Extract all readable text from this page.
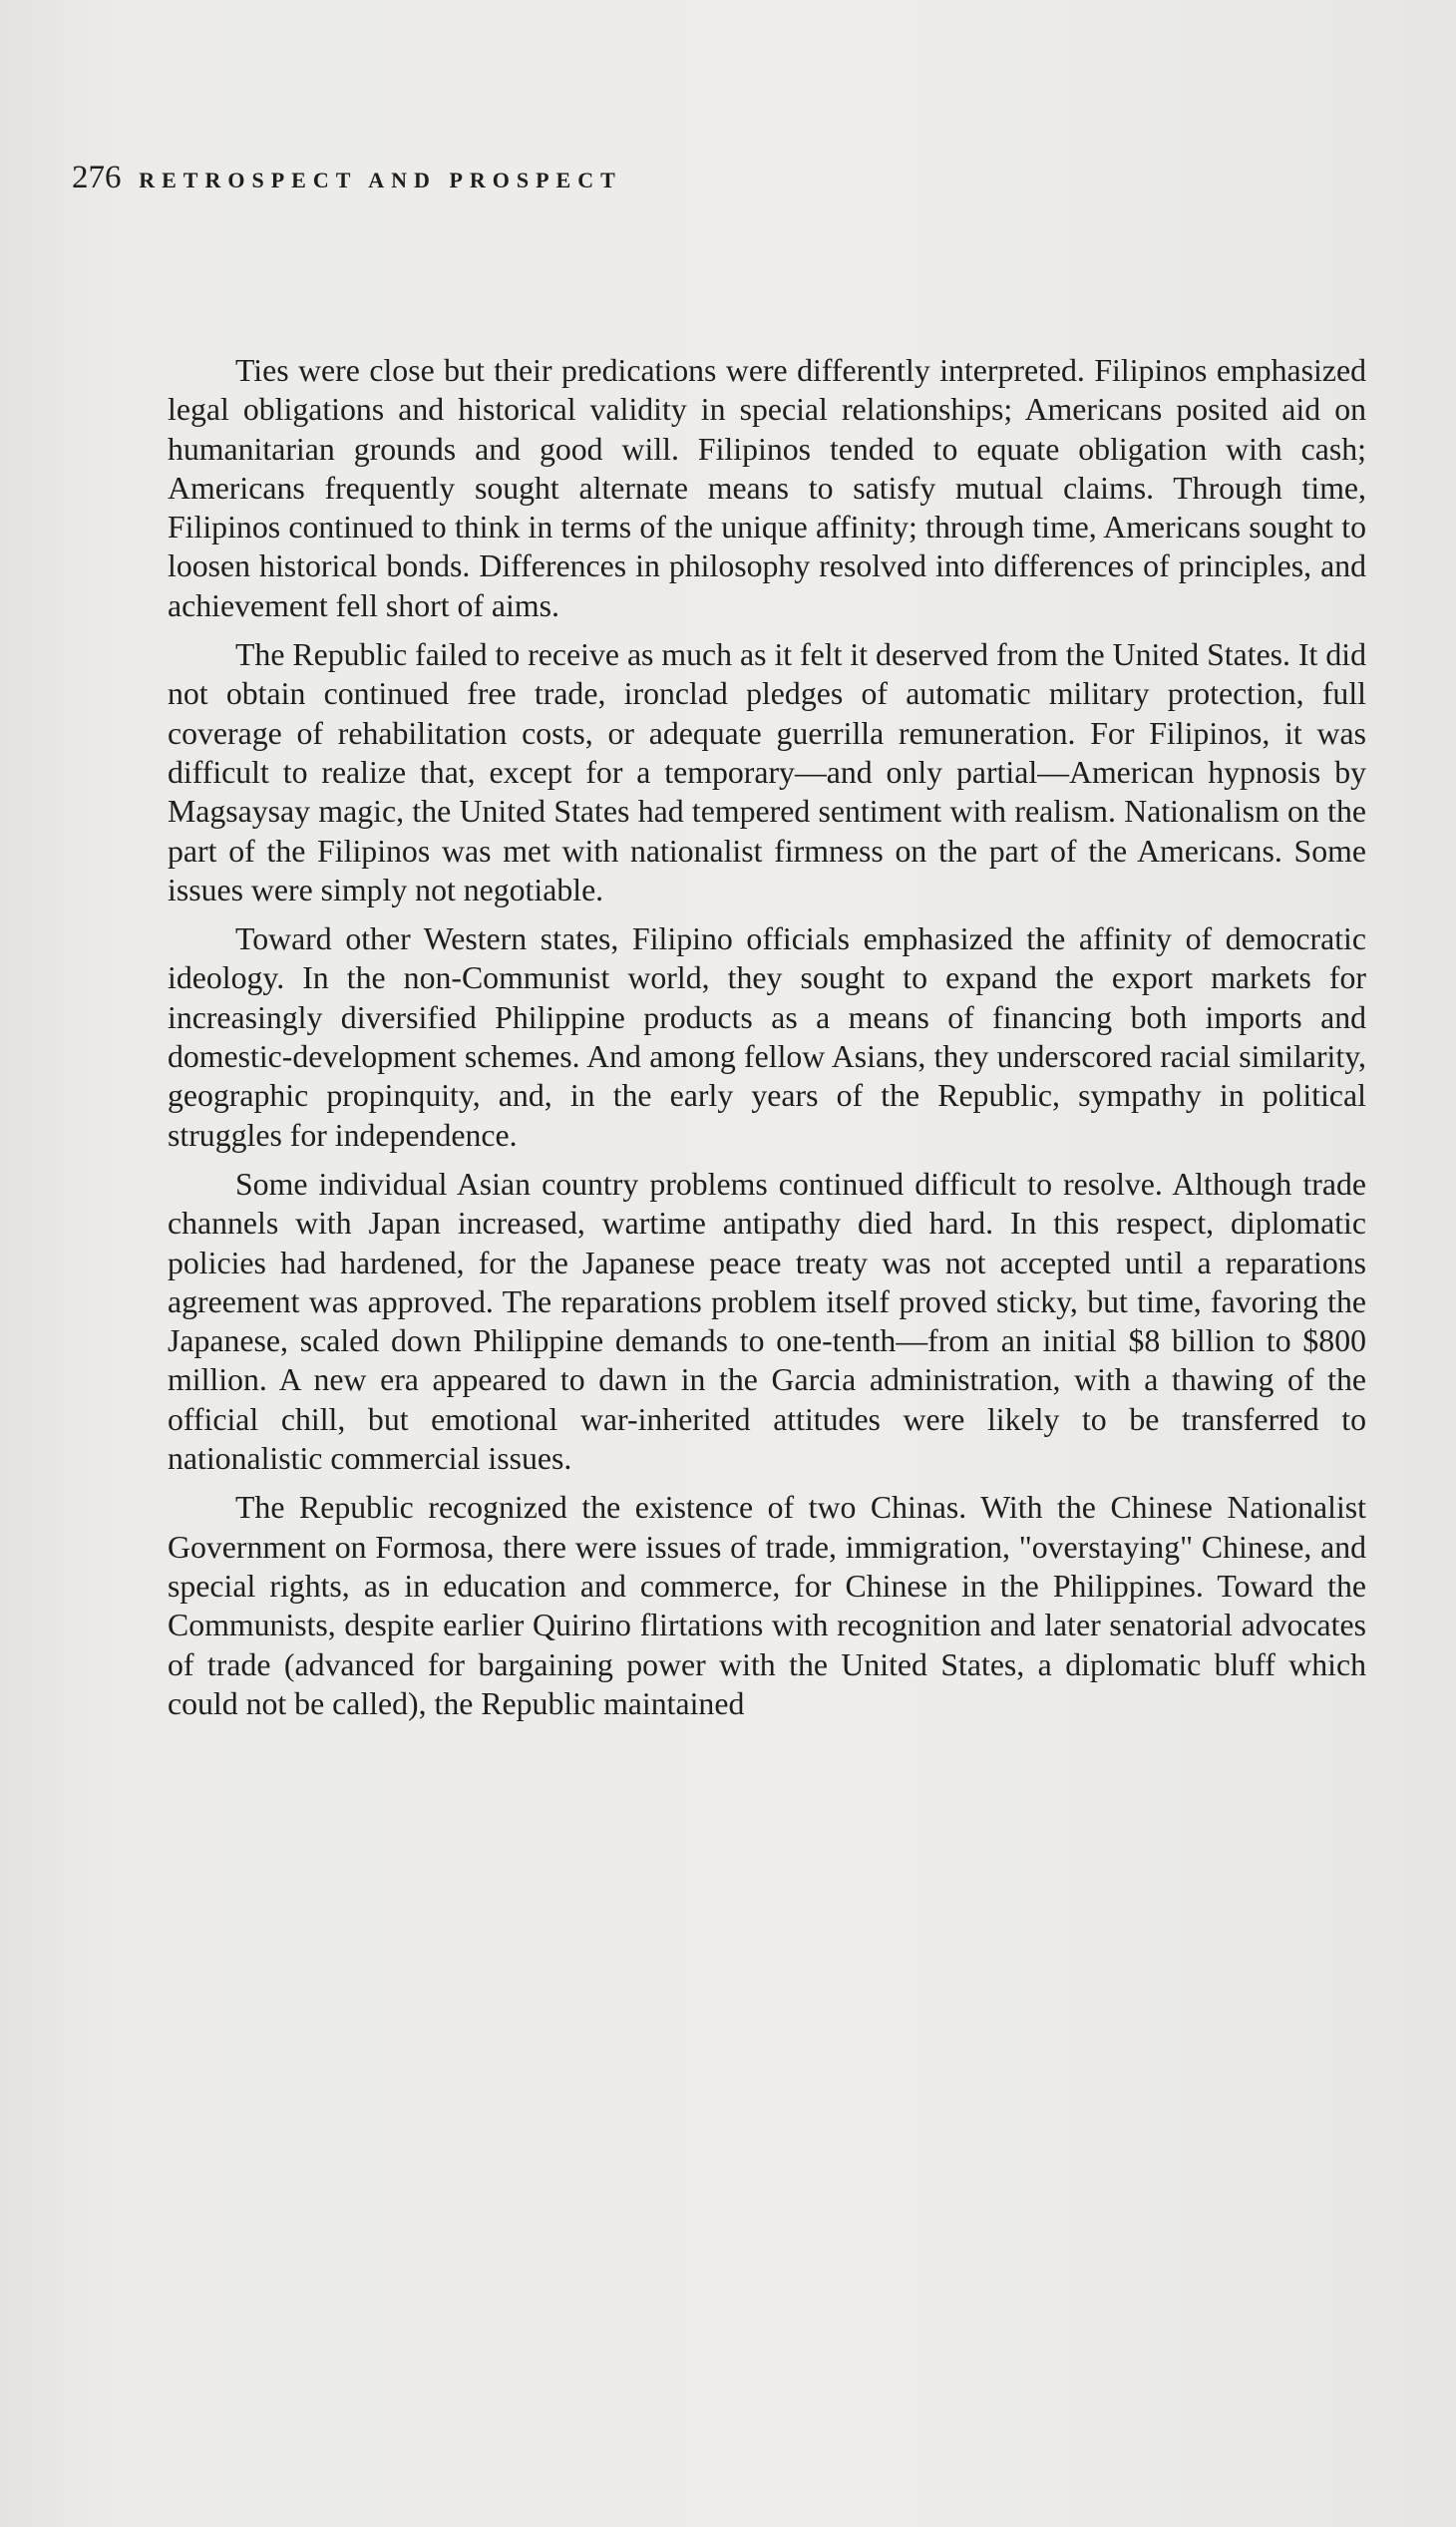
276 RETROSPECT AND PROSPECT

Ties were close but their predications were differently interpreted. Filipinos emphasized legal obligations and historical validity in special relationships; Americans posited aid on humanitarian grounds and good will. Filipinos tended to equate obligation with cash; Americans frequently sought alternate means to satisfy mutual claims. Through time, Filipinos continued to think in terms of the unique affinity; through time, Americans sought to loosen historical bonds. Differences in philosophy resolved into differences of principles, and achievement fell short of aims.

The Republic failed to receive as much as it felt it deserved from the United States. It did not obtain continued free trade, ironclad pledges of automatic military protection, full coverage of rehabilitation costs, or adequate guerrilla remuneration. For Filipinos, it was difficult to realize that, except for a temporary—and only partial—American hypnosis by Magsaysay magic, the United States had tempered sentiment with realism. Nationalism on the part of the Filipinos was met with nationalist firmness on the part of the Americans. Some issues were simply not negotiable.

Toward other Western states, Filipino officials emphasized the affinity of democratic ideology. In the non-Communist world, they sought to expand the export markets for increasingly diversified Philippine products as a means of financing both imports and domestic-development schemes. And among fellow Asians, they underscored racial similarity, geographic propinquity, and, in the early years of the Republic, sympathy in political struggles for independence.

Some individual Asian country problems continued difficult to resolve. Although trade channels with Japan increased, wartime antipathy died hard. In this respect, diplomatic policies had hardened, for the Japanese peace treaty was not accepted until a reparations agreement was approved. The reparations problem itself proved sticky, but time, favoring the Japanese, scaled down Philippine demands to one-tenth—from an initial $8 billion to $800 million. A new era appeared to dawn in the Garcia administration, with a thawing of the official chill, but emotional war-inherited attitudes were likely to be transferred to nationalistic commercial issues.

The Republic recognized the existence of two Chinas. With the Chinese Nationalist Government on Formosa, there were issues of trade, immigration, "overstaying" Chinese, and special rights, as in education and commerce, for Chinese in the Philippines. Toward the Communists, despite earlier Quirino flirtations with recognition and later senatorial advocates of trade (advanced for bargaining power with the United States, a diplomatic bluff which could not be called), the Republic maintained
